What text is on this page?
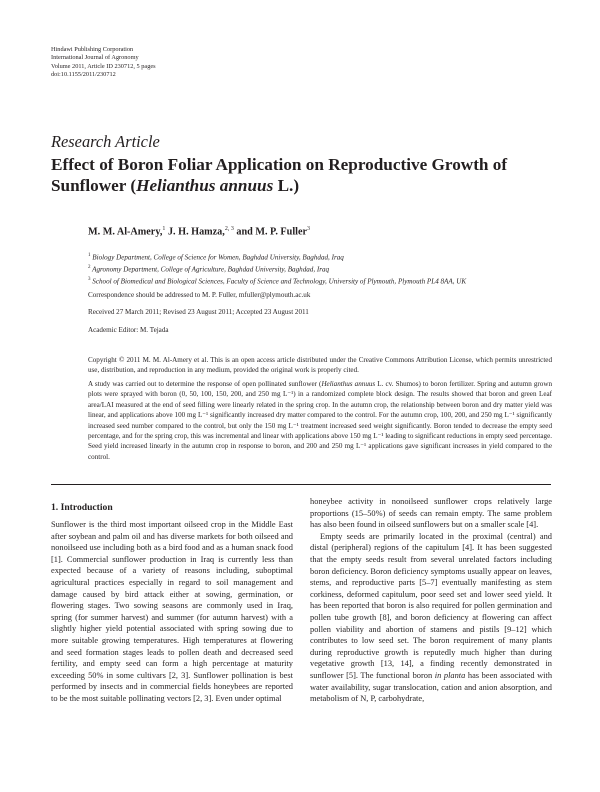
Hindawi Publishing Corporation
International Journal of Agronomy
Volume 2011, Article ID 230712, 5 pages
doi:10.1155/2011/230712
Research Article
Effect of Boron Foliar Application on Reproductive Growth of Sunflower (Helianthus annuus L.)
M. M. Al-Amery,$^1$ J. H. Hamza,$^{2, 3}$ and M. P. Fuller$^3$
$^1$ Biology Department, College of Science for Women, Baghdad University, Baghdad, Iraq
$^2$ Agronomy Department, College of Agriculture, Baghdad University, Baghdad, Iraq
$^3$ School of Biomedical and Biological Sciences, Faculty of Science and Technology, University of Plymouth, Plymouth PL4 8AA, UK
Correspondence should be addressed to M. P. Fuller, mfuller@plymouth.ac.uk
Received 27 March 2011; Revised 23 August 2011; Accepted 23 August 2011
Academic Editor: M. Tejada
Copyright © 2011 M. M. Al-Amery et al. This is an open access article distributed under the Creative Commons Attribution License, which permits unrestricted use, distribution, and reproduction in any medium, provided the original work is properly cited.
A study was carried out to determine the response of open pollinated sunflower (Helianthus annuus L. cv. Shumos) to boron fertilizer. Spring and autumn grown plots were sprayed with boron (0, 50, 100, 150, 200, and 250 mg L⁻¹) in a randomized complete block design. The results showed that boron and green Leaf area/LAI measured at the end of seed filling were linearly related in the spring crop. In the autumn crop, the relationship between boron and dry matter yield was linear, and applications above 100 mg L⁻¹ significantly increased dry matter compared to the control. For the autumn crop, 100, 200, and 250 mg L⁻¹ significantly increased seed number compared to the control, but only the 150 mg L⁻¹ treatment increased seed weight significantly. Boron tended to decrease the empty seed percentage, and for the spring crop, this was incremental and linear with applications above 150 mg L⁻¹ leading to significant reductions in empty seed percentage. Seed yield increased linearly in the autumn crop in response to boron, and 200 and 250 mg L⁻¹ applications gave significant increases in yield compared to the control.
1. Introduction

Sunflower is the third most important oilseed crop in the Middle East after soybean and palm oil and has diverse markets for both oilseed and nonoilseed use including both as a bird food and as a human snack food [1]. Commercial sunflower production in Iraq is currently less than expected because of a variety of reasons including, suboptimal agricultural practices especially in regard to soil management and damage caused by bird attack either at sowing, germination, or flowering stages. Two sowing seasons are commonly used in Iraq, spring (for summer harvest) and summer (for autumn harvest) with a slightly higher yield potential associated with spring sowing due to more suitable growing temperatures. High temperatures at flowering and seed formation stages leads to pollen death and decreased seed fertility, and empty seed can form a high percentage at maturity exceeding 50% in some cultivars [2, 3]. Sunflower pollination is best performed by insects and in commercial fields honeybees are reported to be the most suitable pollinating vectors [2, 3]. Even under optimal

honeybee activity in nonoilseed sunflower crops relatively large proportions (15–50%) of seeds can remain empty. The same problem has also been found in oilseed sunflowers but on a smaller scale [4].

Empty seeds are primarily located in the proximal (central) and distal (peripheral) regions of the capitulum [4]. It has been suggested that the empty seeds result from several unrelated factors including boron deficiency. Boron deficiency symptoms usually appear on leaves, stems, and reproductive parts [5–7] eventually manifesting as stem corkiness, deformed capitulum, poor seed set and lower seed yield. It has been reported that boron is also required for pollen germination and pollen tube growth [8], and boron deficiency at flowering can affect pollen viability and abortion of stamens and pistils [9–12] which contributes to low seed set. The boron requirement of many plants during reproductive growth is reputedly much higher than during vegetative growth [13, 14], a finding recently demonstrated in sunflower [5]. The functional boron in planta has been associated with water availability, sugar translocation, cation and anion absorption, and metabolism of N, P, carbohydrate,
